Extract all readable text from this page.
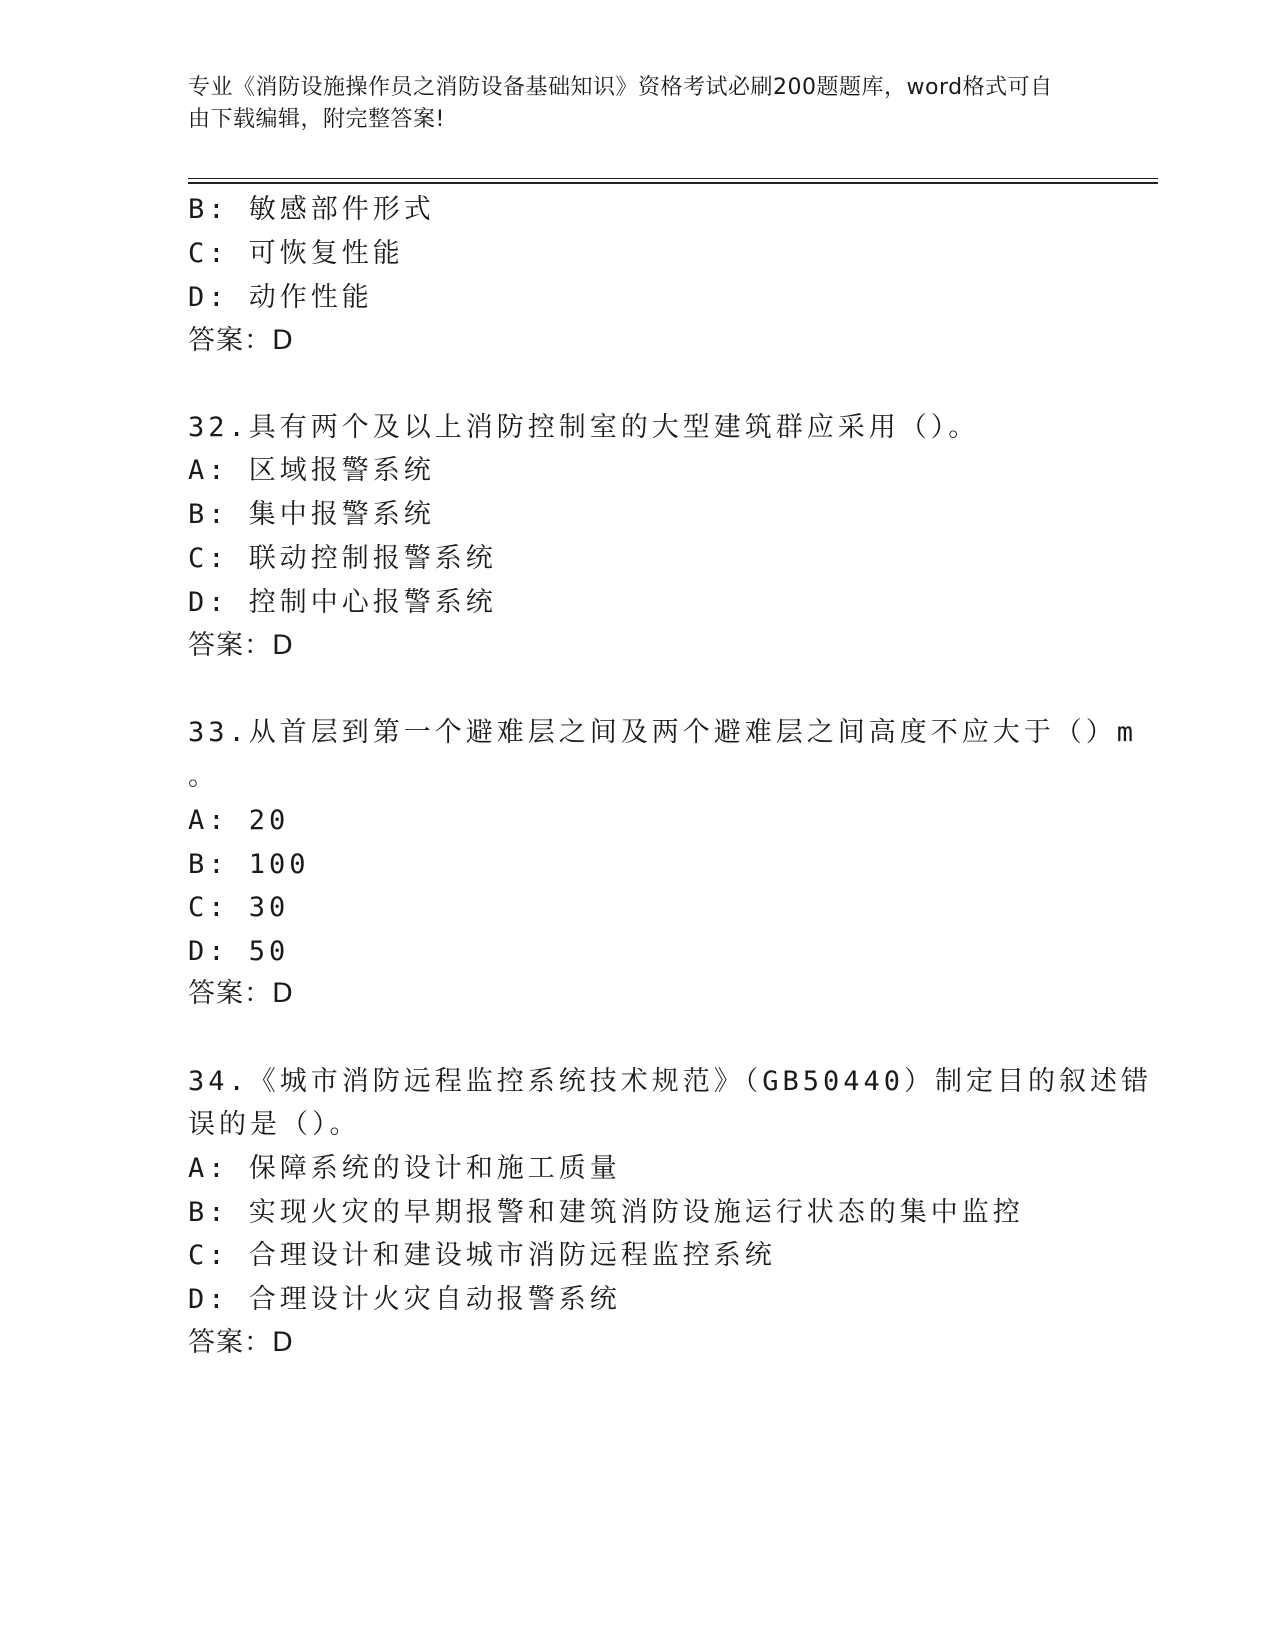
专业《消防设施操作员之消防设备基础知识》资格考试必刷200题题库，word格式可自由下载编辑，附完整答案!
B: 敏感部件形式
C: 可恢复性能
D: 动作性能
答案：D
32.具有两个及以上消防控制室的大型建筑群应采用（）。
A: 区域报警系统
B: 集中报警系统
C: 联动控制报警系统
D: 控制中心报警系统
答案：D
33.从首层到第一个避难层之间及两个避难层之间高度不应大于（）m
。
A: 20
B: 100
C: 30
D: 50
答案：D
34.《城市消防远程监控系统技术规范》（GB50440）制定目的叙述错
误的是（）。
A: 保障系统的设计和施工质量
B: 实现火灾的早期报警和建筑消防设施运行状态的集中监控
C: 合理设计和建设城市消防远程监控系统
D: 合理设计火灾自动报警系统
答案：D
